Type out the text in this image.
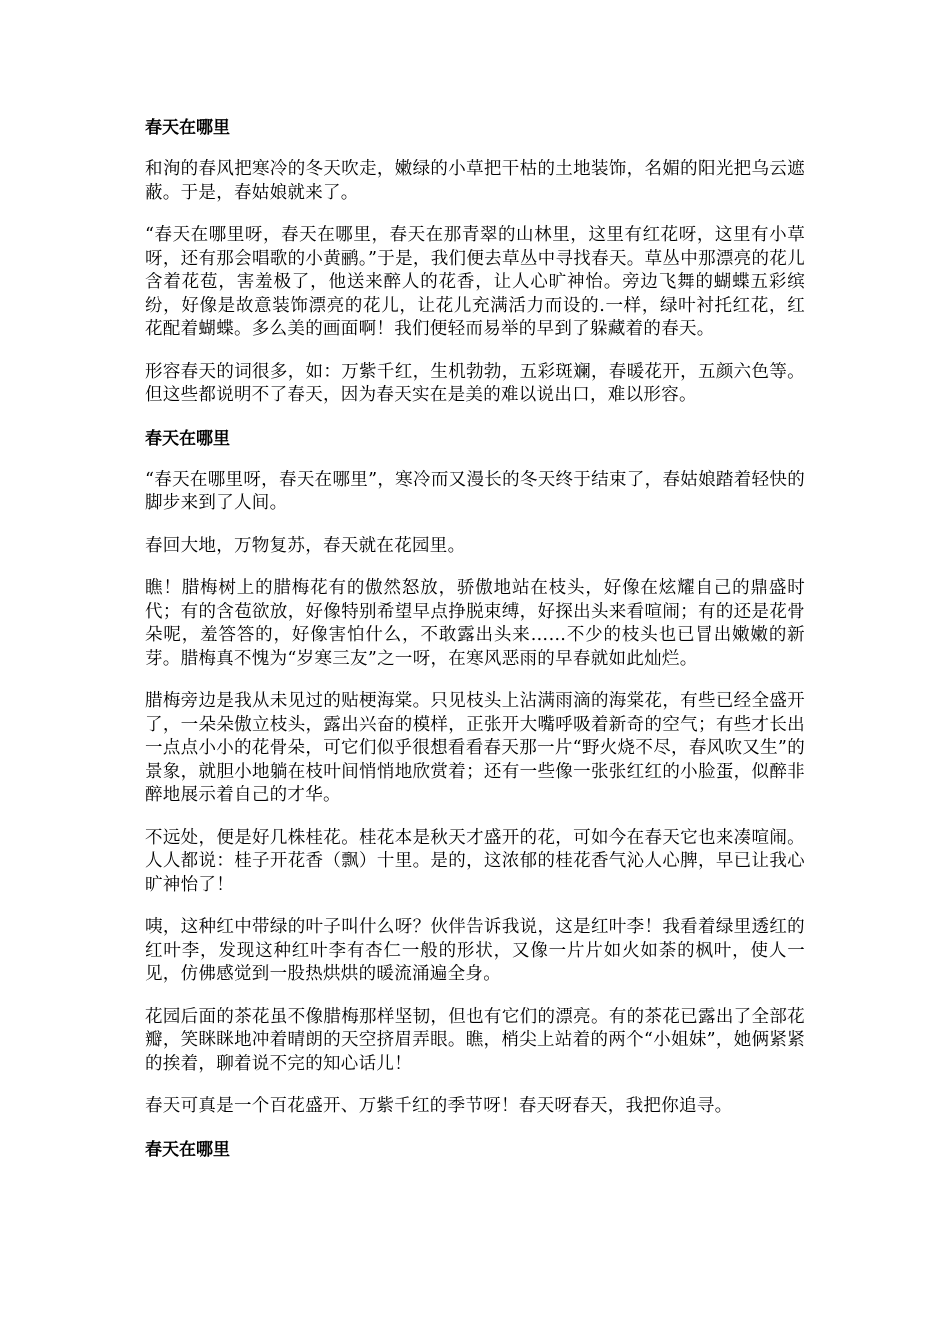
春天在哪里

和洵的春风把寒冷的冬天吹走，嫩绿的小草把干枯的土地装饰，名媚的阳光把乌云遮蔽。于是，春姑娘就来了。

“春天在哪里呀，春天在哪里，春天在那青翠的山林里，这里有红花呀，这里有小草呀，还有那会唱歌的小黄鹂。”于是，我们便去草丛中寻找春天。草丛中那漂亮的花儿含着花苞，害羞极了，他送来醉人的花香，让人心旷神怡。旁边飞舞的蝴蝶五彩缤纷，好像是故意装饰漂亮的花儿，让花儿充满活力而设的.一样，绿叶衬托红花，红花配着蝴蝶。多么美的画面啊！我们便轻而易举的早到了躲藏着的春天。

形容春天的词很多，如：万紫千红，生机勃勃，五彩斑斓，春暖花开，五颜六色等。但这些都说明不了春天，因为春天实在是美的难以说出口，难以形容。

春天在哪里

“春天在哪里呀，春天在哪里”，寒冷而又漫长的冬天终于结束了，春姑娘踏着轻快的脚步来到了人间。

春回大地，万物复苏，春天就在花园里。

瞧！腊梅树上的腊梅花有的傲然怒放，骄傲地站在枝头，好像在炫耀自己的鼎盛时代；有的含苞欲放，好像特别希望早点挣脱束缚，好探出头来看喧闹；有的还是花骨朵呢，羞答答的，好像害怕什么，不敢露出头来……不少的枝头也已冒出嫩嫩的新芽。腊梅真不愧为“岁寒三友”之一呀，在寒风恶雨的早春就如此灿烂。

腊梅旁边是我从未见过的贴梗海棠。只见枝头上沾满雨滴的海棠花，有些已经全盛开了，一朵朵傲立枝头，露出兴奋的模样，正张开大嘴呼吸着新奇的空气；有些才长出一点点小小的花骨朵，可它们似乎很想看看春天那一片“野火烧不尽，春风吹又生”的景象，就胆小地躺在枝叶间悄悄地欣赏着；还有一些像一张张红红的小脸蛋，似醉非醉地展示着自己的才华。

不远处，便是好几株桂花。桂花本是秋天才盛开的花，可如今在春天它也来凑喧闹。人人都说：桂子开花香（飘）十里。是的，这浓郁的桂花香气沁人心脾，早已让我心旷神怡了！

咦，这种红中带绿的叶子叫什么呀？伙伴告诉我说，这是红叶李！我看着绿里透红的红叶李，发现这种红叶李有杏仁一般的形状，又像一片片如火如荼的枫叶，使人一见，仿佛感觉到一股热烘烘的暖流涌遍全身。

花园后面的茶花虽不像腊梅那样坚韧，但也有它们的漂亮。有的茶花已露出了全部花瓣，笑眯眯地冲着晴朗的天空挤眉弄眼。瞧，梢尖上站着的两个“小姐妹”，她俩紧紧的挨着，聊着说不完的知心话儿！

春天可真是一个百花盛开、万紫千红的季节呀！春天呀春天，我把你追寻。

春天在哪里
